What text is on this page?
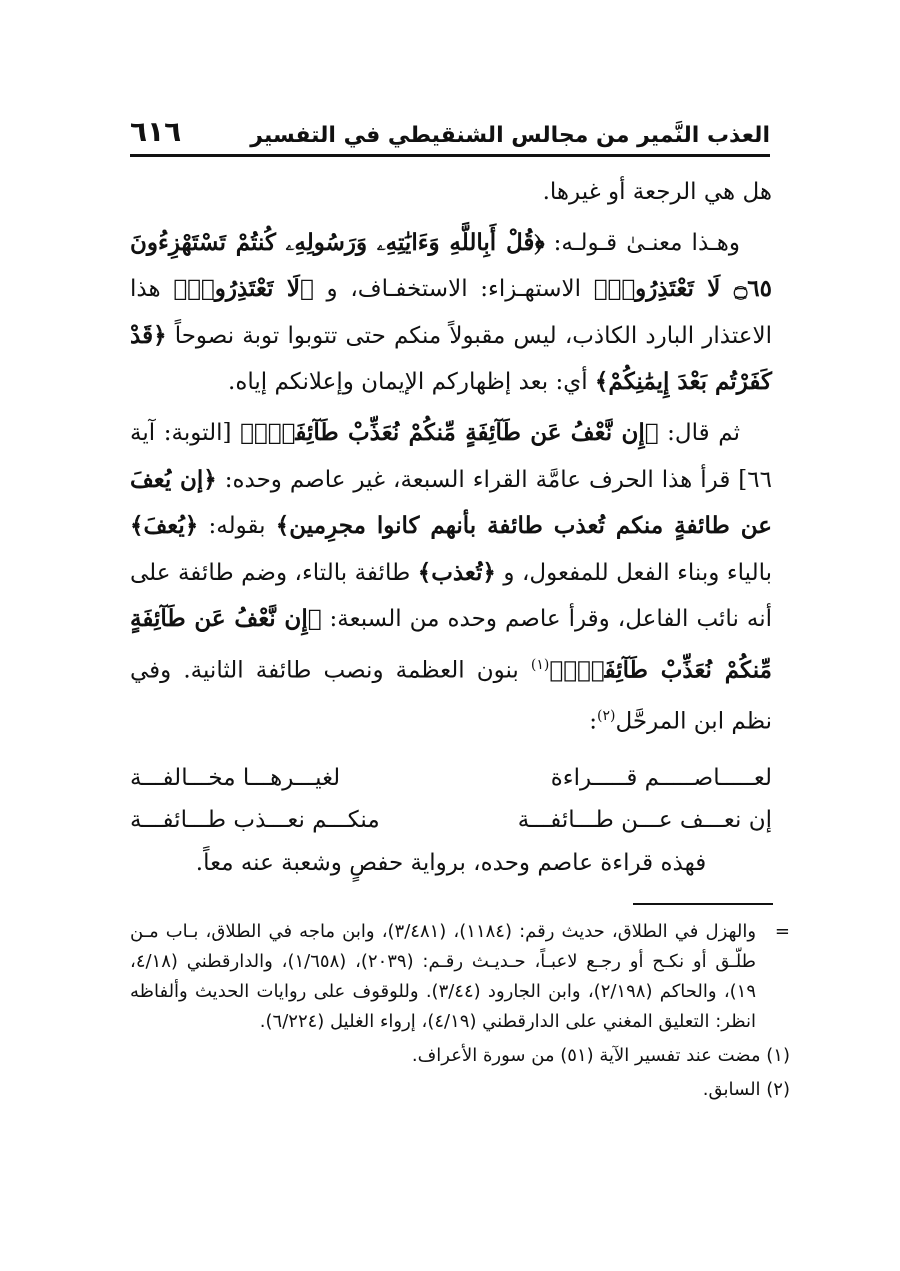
العذب النَّمير من مجالس الشنقيطي في التفسير
٦١٦

هل هي الرجعة أو غيرها.

وهـذا معنـىٰ قـولـه: ﴿قُلْ أَبِاللَّهِ وَءَايَٰتِهِۦ وَرَسُولِهِۦ كُنتُمْ تَسْتَهْزِءُونَ ۝٦٥ لَا تَعْتَذِرُوا۟﴾ الاستهـزاء: الاستخفـاف، و ﴿لَا تَعْتَذِرُوا۟﴾ هذا الاعتذار البارد الكاذب، ليس مقبولاً منكم حتى تتوبوا توبة نصوحاً ﴿قَدْ كَفَرْتُم بَعْدَ إِيمَٰنِكُمْ﴾ أي: بعد إظهاركم الإيمان وإعلانكم إياه.

ثم قال: ﴿إِن نَّعْفُ عَن طَآئِفَةٍ مِّنكُمْ نُعَذِّبْ طَآئِفَةًۢ﴾ [التوبة: آية ٦٦] قرأ هذا الحرف عامَّة القراء السبعة، غير عاصم وحده: ﴿إن يُعفَ عن طائفةٍ منكم تُعذب طائفة بأنهم كانوا مجرِمين﴾ بقوله: ﴿يُعفَ﴾ بالياء وبناء الفعل للمفعول، و ﴿تُعذب﴾ طائفة بالتاء، وضم طائفة على أنه نائب الفاعل، وقرأ عاصم وحده من السبعة: ﴿إِن نَّعْفُ عَن طَآئِفَةٍ مِّنكُمْ نُعَذِّبْ طَآئِفَةًۢ﴾$^{(١)}$ بنون العظمة ونصب طائفة الثانية. وفي نظم ابن المرحَّل$^{(٢)}$:

لعـــــاصـــــم قـــــراءة
لغيـــرهـــا مخـــالفـــة
إن نعـــف عـــن طـــائفـــة
منكـــم نعـــذب طـــائفـــة

فهذه قراءة عاصم وحده، برواية حفصٍ وشعبة عنه معاً.

=
والهزل في الطلاق، حديث رقم: (١١٨٤)، (٣/٤٨١)، وابن ماجه في الطلاق، بـاب مـن طلّـق أو نكـح أو رجـع لاعبـاً، حـديـث رقـم: (٢٠٣٩)، (١/٦٥٨)، والدارقطني (٤/١٨، ١٩)، والحاكم (٢/١٩٨)، وابن الجارود (٣/٤٤). وللوقوف على روايات الحديث وألفاظه انظر: التعليق المغني على الدارقطني (٤/١٩)، إرواء الغليل (٦/٢٢٤).

(١) مضت عند تفسير الآية (٥١) من سورة الأعراف.

(٢) السابق.
